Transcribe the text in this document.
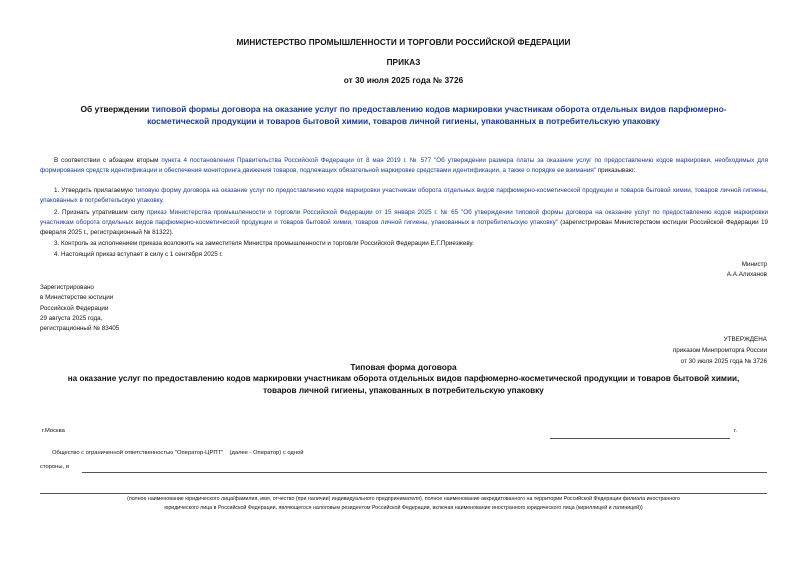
МИНИСТЕРСТВО ПРОМЫШЛЕННОСТИ И ТОРГОВЛИ РОССИЙСКОЙ ФЕДЕРАЦИИ
ПРИКАЗ
от 30 июля 2025 года № 3726
Об утверждении типовой формы договора на оказание услуг по предоставлению кодов маркировки участникам оборота отдельных видов парфюмерно-косметической продукции и товаров бытовой химии, товаров личной гигиены, упакованных в потребительскую упаковку
В соответствии с абзацем вторым пункта 4 постановления Правительства Российской Федерации от 8 мая 2019 г. № 577 "Об утверждении размера платы за оказание услуг по предоставлению кодов маркировки, необходимых для формирования средств идентификации и обеспечения мониторинга движения товаров, подлежащих обязательной маркировке средствами идентификации, а также о порядке ее взимания" приказываю:
1. Утвердить прилагаемую типовую форму договора на оказание услуг по предоставлению кодов маркировки участникам оборота отдельных видов парфюмерно-косметической продукции и товаров бытовой химии, товаров личной гигиены, упакованных в потребительскую упаковку.
2. Признать утратившим силу приказ Министерства промышленности и торговли Российской Федерации от 15 января 2025 г. № 65 "Об утверждении типовой формы договора на оказание услуг по предоставлению кодов маркировки участникам оборота отдельных видов парфюмерно-косметической продукции и товаров бытовой химии, товаров личной гигиены, упакованных в потребительскую упаковку" (зарегистрирован Министерством юстиции Российской Федерации 19 февраля 2025 г., регистрационный № 81322).
3. Контроль за исполнением приказа возложить на заместителя Министра промышленности и торговли Российской Федерации Е.Г.Приезжеву.
4. Настоящий приказ вступает в силу с 1 сентября 2025 г.
Министр
А.А.Алиханов
Зарегистрировано
в Министерстве юстиции
Российской Федерации
29 августа 2025 года,
регистрационный № 83405
УТВЕРЖДЕНА
приказом Минпромторга России
от 30 июля 2025 года № 3726
Типовая форма договора
на оказание услуг по предоставлению кодов маркировки участникам оборота отдельных видов парфюмерно-косметической продукции и товаров бытовой химии,
товаров личной гигиены, упакованных в потребительскую упаковку
г.Москва	г.
Общество с ограниченной ответственностью "Оператор-ЦРПТ"    (далее - Оператор) с одной
стороны, и
(полное наименование юридического лица/фамилия, имя, отчество (при наличии) индивидуального предпринимателя), полное наименование аккредитованного на территории Российской Федерации филиала иностранного
юридического лица в Российской Федерации, являющегося налоговым резидентом Российской Федерации, включая наименование иностранного юридического лица (кириллицей и латиницей))
